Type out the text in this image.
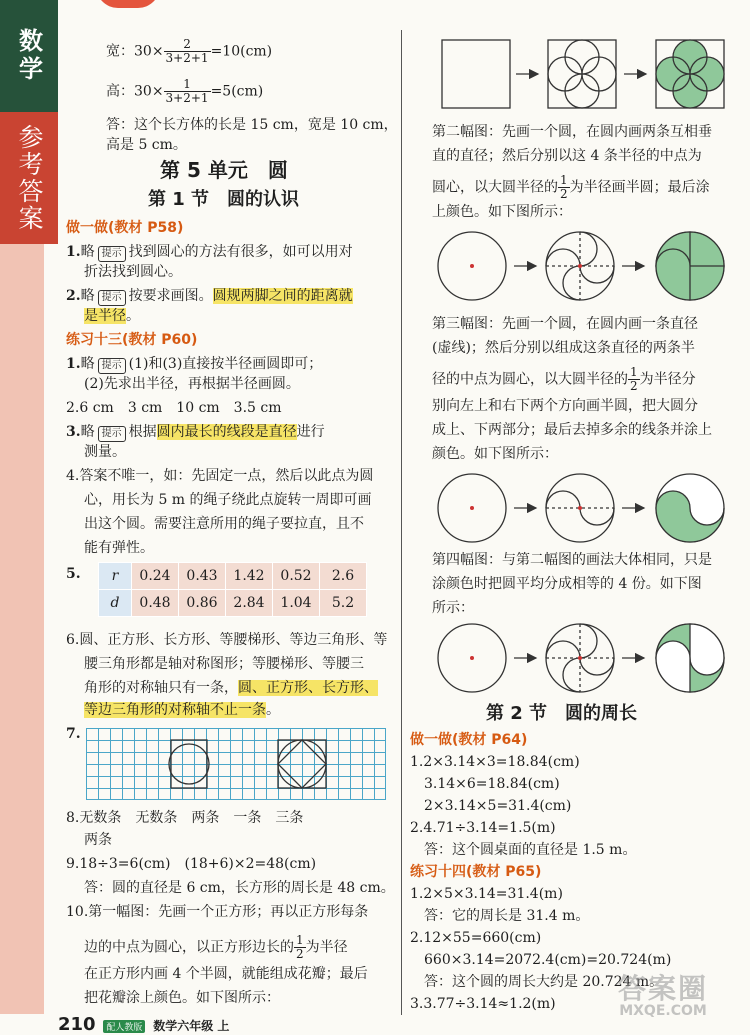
数学
参考答案
宽：$30\times \frac{2}{3+2+1} =10(cm)$
高：$30\times \frac{1}{3+2+1} =5(cm)$
答：这个长方体的长是 15 cm，宽是 10 cm，
高是 5 cm。
第 5 单元　圆
第 1 节　圆的认识
做一做(教材 P58)
1.略 提示 找到圆心的方法有很多，如可以用对
折法找到圆心。
2.略 提示 按要求画图。圆规两脚之间的距离就
是半径。
练习十三(教材 P60)
1.略 提示 (1)和(3)直接按半径画圆即可；
(2)先求出半径，再根据半径画圆。
2.6 cm　3 cm　10 cm　3.5 cm
3.略 提示 根据圆内最长的线段是直径进行
测量。
4.答案不唯一，如：先固定一点，然后以此点为圆
心，用长为 5 m 的绳子绕此点旋转一周即可画
出这个圆。需要注意所用的绳子要拉直，且不
能有弹性。
5. r	0.24	0.43	1.42	0.52	2.6
d	0.48	0.86	2.84	1.04	5.2
6.圆、正方形、长方形、等腰梯形、等边三角形、等
腰三角形都是轴对称图形；等腰梯形、等腰三
角形的对称轴只有一条，圆、正方形、长方形、
等边三角形的对称轴不止一条。
7.
8.无数条　无数条　两条　一条　三条
两条
9.18÷3=6(cm)　(18+6)×2=48(cm)
答：圆的直径是 6 cm，长方形的周长是 48 cm。
10.第一幅图：先画一个正方形；再以正方形每条
边的中点为圆心，以正方形边长的 $\frac{1}{2}$ 为半径
在正方形内画 4 个半圆，就能组成花瓣；最后
把花瓣涂上颜色。如下图所示：
第二幅图：先画一个圆，在圆内画两条互相垂
直的直径；然后分别以这 4 条半径的中点为
圆心，以大圆半径的 $\frac{1}{2}$ 为半径画半圆；最后涂
上颜色。如下图所示：
第三幅图：先画一个圆，在圆内画一条直径
(虚线)；然后分别以组成这条直径的两条半
径的中点为圆心，以大圆半径的 $\frac{1}{2}$ 为半径分
别向左上和右下两个方向画半圆，把大圆分
成上、下两部分；最后去掉多余的线条并涂上
颜色。如下图所示：
第四幅图：与第二幅图的画法大体相同，只是
涂颜色时把圆平均分成相等的 4 份。如下图
所示：
第 2 节　圆的周长
做一做(教材 P64)
1.2×3.14×3=18.84(cm)
3.14×6=18.84(cm)
2×3.14×5=31.4(cm)
2.4.71÷3.14=1.5(m)
答：这个圆桌面的直径是 1.5 m。
练习十四(教材 P65)
1.2×5×3.14=31.4(m)
答：它的周长是 31.4 m。
2.12×55=660(cm)
660×3.14=2072.4(cm)=20.724(m)
答：这个圆的周长大约是 20.724 m。
3.3.77÷3.14≈1.2(m)
210 配人教版 数学六年级 上
答案圈
MXQE.COM
